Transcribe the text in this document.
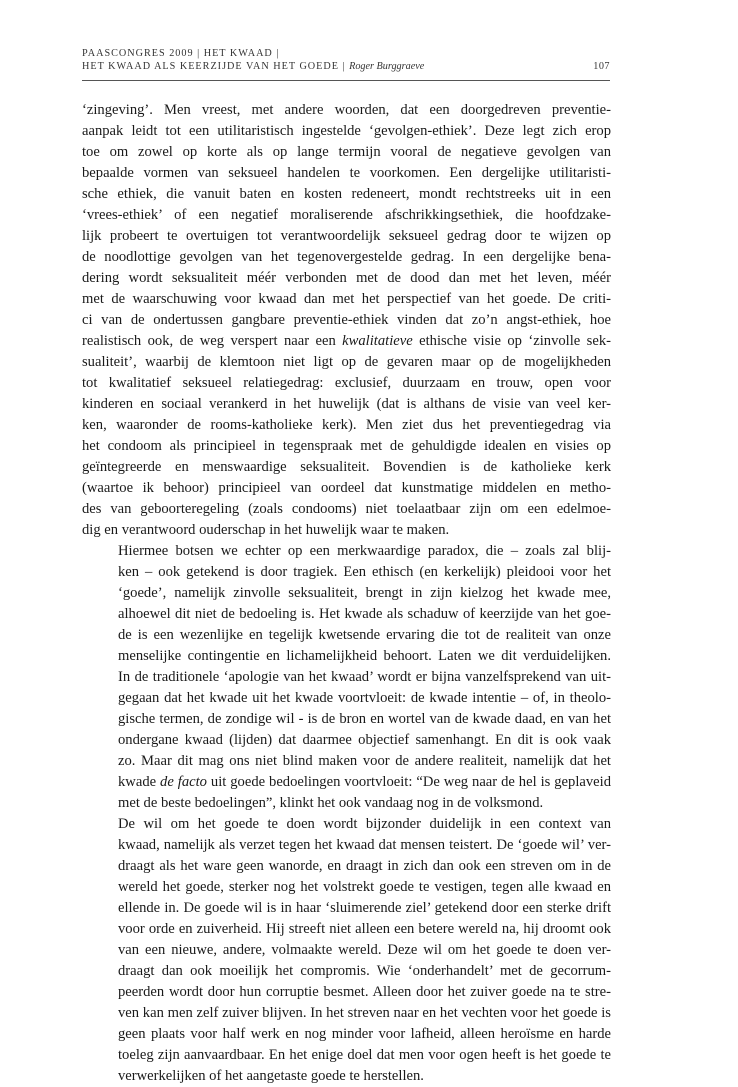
PAASCONGRES 2009 | HET KWAAD |
HET KWAAD ALS KEERZIJDE VAN HET GOEDE | Roger Burggraeve	107

‘zingeving’. Men vreest, met andere woorden, dat een doorgedreven preventie-
aanpak leidt tot een utilitaristisch ingestelde ‘gevolgen-ethiek’. Deze legt zich erop
toe om zowel op korte als op lange termijn vooral de negatieve gevolgen van
bepaalde vormen van seksueel handelen te voorkomen. Een dergelijke utilitaristi-
sche ethiek, die vanuit baten en kosten redeneert, mondt rechtstreeks uit in een
‘vrees-ethiek’ of een negatief moraliserende afschrikkingsethiek, die hoofdzake-
lijk probeert te overtuigen tot verantwoordelijk seksueel gedrag door te wijzen op
de noodlottige gevolgen van het tegenovergestelde gedrag. In een dergelijke bena-
dering wordt seksualiteit méér verbonden met de dood dan met het leven, méér
met de waarschuwing voor kwaad dan met het perspectief van het goede. De criti-
ci van de ondertussen gangbare preventie-ethiek vinden dat zo’n angst-ethiek, hoe
realistisch ook, de weg verspert naar een kwalitatieve ethische visie op ‘zinvolle sek-
sualiteit’, waarbij de klemtoon niet ligt op de gevaren maar op de mogelijkheden
tot kwalitatief seksueel relatiegedrag: exclusief, duurzaam en trouw, open voor
kinderen en sociaal verankerd in het huwelijk (dat is althans de visie van veel ker-
ken, waaronder de rooms-katholieke kerk). Men ziet dus het preventiegedrag via
het condoom als principieel in tegenspraak met de gehuldigde idealen en visies op
geïntegreerde en menswaardige seksualiteit. Bovendien is de katholieke kerk
(waartoe ik behoor) principieel van oordeel dat kunstmatige middelen en metho-
des van geboorteregeling (zoals condooms) niet toelaatbaar zijn om een edelmoe-
dig en verantwoord ouderschap in het huwelijk waar te maken.

Hiermee botsen we echter op een merkwaardige paradox, die – zoals zal blij-
ken – ook getekend is door tragiek. Een ethisch (en kerkelijk) pleidooi voor het
‘goede’, namelijk zinvolle seksualiteit, brengt in zijn kielzog het kwade mee,
alhoewel dit niet de bedoeling is. Het kwade als schaduw of keerzijde van het goe-
de is een wezenlijke en tegelijk kwetsende ervaring die tot de realiteit van onze
menselijke contingentie en lichamelijkheid behoort. Laten we dit verduidelijken.
In de traditionele ‘apologie van het kwaad’ wordt er bijna vanzelfsprekend van uit-
gegaan dat het kwade uit het kwade voortvloeit: de kwade intentie – of, in theolo-
gische termen, de zondige wil - is de bron en wortel van de kwade daad, en van het
ondergane kwaad (lijden) dat daarmee objectief samenhangt. En dit is ook vaak
zo. Maar dit mag ons niet blind maken voor de andere realiteit, namelijk dat het
kwade de facto uit goede bedoelingen voortvloeit: “De weg naar de hel is geplaveid
met de beste bedoelingen”, klinkt het ook vandaag nog in de volksmond.

De wil om het goede te doen wordt bijzonder duidelijk in een context van
kwaad, namelijk als verzet tegen het kwaad dat mensen teistert. De ‘goede wil’ ver-
draagt als het ware geen wanorde, en draagt in zich dan ook een streven om in de
wereld het goede, sterker nog het volstrekt goede te vestigen, tegen alle kwaad en
ellende in. De goede wil is in haar ‘sluimerende ziel’ getekend door een sterke drift
voor orde en zuiverheid. Hij streeft niet alleen een betere wereld na, hij droomt ook
van een nieuwe, andere, volmaakte wereld. Deze wil om het goede te doen ver-
draagt dan ook moeilijk het compromis. Wie ‘onderhandelt’ met de gecorrum-
peerden wordt door hun corruptie besmet. Alleen door het zuiver goede na te stre-
ven kan men zelf zuiver blijven. In het streven naar en het vechten voor het goede is
geen plaats voor half werk en nog minder voor lafheid, alleen heroïsme en harde
toeleg zijn aanvaardbaar. En het enige doel dat men voor ogen heeft is het goede te
verwerkelijken of het aangetaste goede te herstellen.
